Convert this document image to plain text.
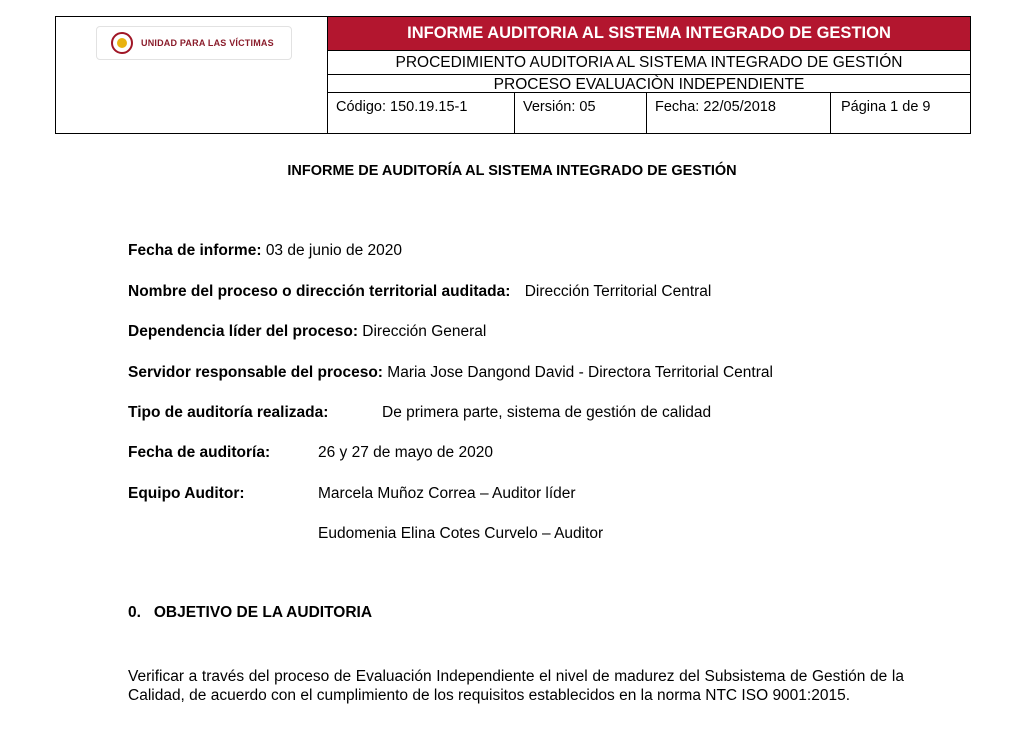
UNIDAD PARA LAS VÍCTIMAS
INFORME AUDITORIA AL SISTEMA INTEGRADO DE GESTION
PROCEDIMIENTO AUDITORIA AL SISTEMA INTEGRADO DE GESTIÓN
PROCESO EVALUACIÒN INDEPENDIENTE
Código: 150.19.15-1	Versión: 05	Fecha: 22/05/2018	Página 1 de 9
INFORME DE AUDITORÍA AL SISTEMA INTEGRADO DE GESTIÓN
Fecha de informe: 03 de junio de 2020
Nombre del proceso o dirección territorial auditada: Dirección Territorial Central
Dependencia líder del proceso: Dirección General
Servidor responsable del proceso: Maria Jose Dangond David - Directora Territorial Central
Tipo de auditoría realizada:	De primera parte, sistema de gestión de calidad
Fecha de auditoría:	26 y 27 de mayo de 2020
Equipo Auditor:	Marcela Muñoz Correa – Auditor líder
Eudomenia Elina Cotes Curvelo – Auditor
0.   OBJETIVO DE LA AUDITORIA
Verificar a través del proceso de Evaluación Independiente el nivel de madurez del Subsistema de Gestión de la Calidad, de acuerdo con el cumplimiento de los requisitos establecidos en la norma NTC ISO 9001:2015.
